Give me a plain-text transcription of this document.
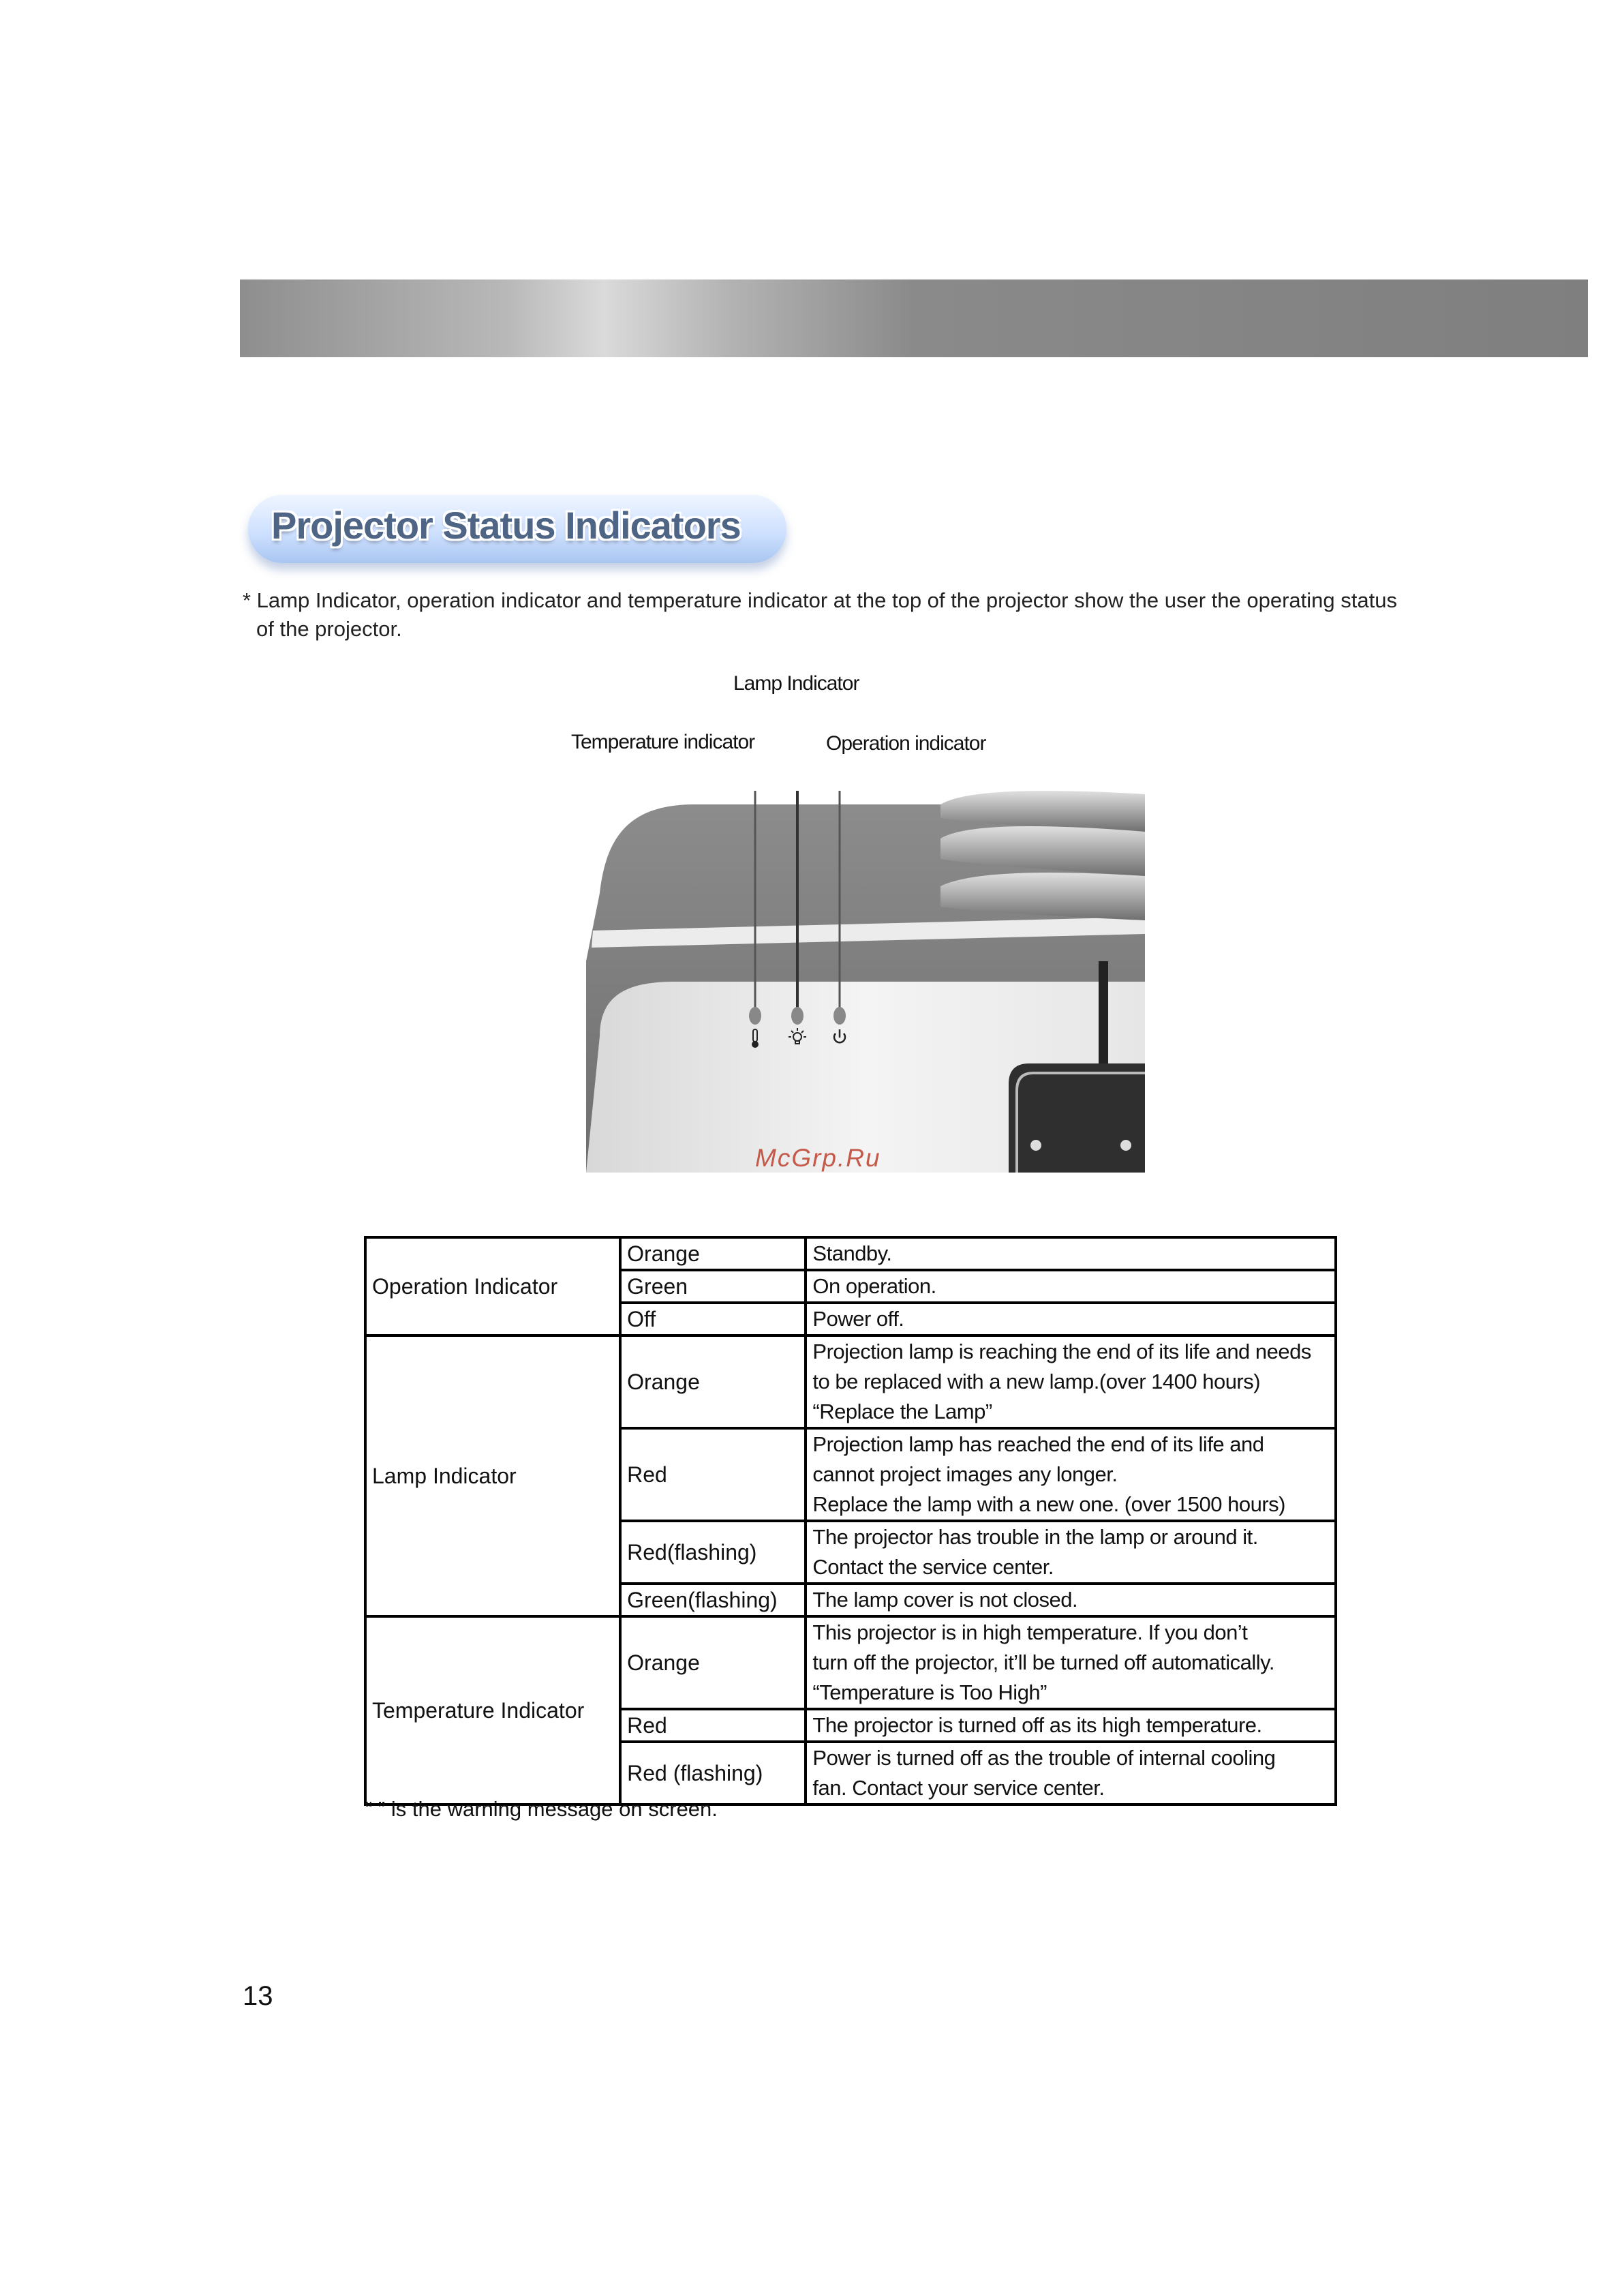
Projector Status Indicators
* Lamp Indicator, operation indicator and temperature indicator at the top of the projector show the user the operating status
of the projector.
Lamp Indicator
Temperature indicator	Operation indicator
McGrp.Ru
Operation Indicator	Orange	Standby.
	Green	On operation.
	Off	Power off.
Lamp Indicator	Orange	Projection lamp is reaching the end of its life and needs
to be replaced with a new lamp.(over 1400 hours)
“Replace the Lamp”

	Red	Projection lamp has reached the end of its life and
cannot project images any longer.
Replace the lamp with a new one. (over 1500 hours)

	Red(flashing)	The projector has trouble in the lamp or around it.
Contact the service center.

	Green(flashing)	The lamp cover is not closed.

Temperature Indicator	Orange	This projector is in high temperature. If you don’t
turn off the projector, it’ll be turned off automatically.
“Temperature is Too High”

	Red	The projector is turned off as its high temperature.

	Red (flashing)	Power is turned off as the trouble of internal cooling
fan. Contact your service center.
“ ” is the warning message on screen.
13
